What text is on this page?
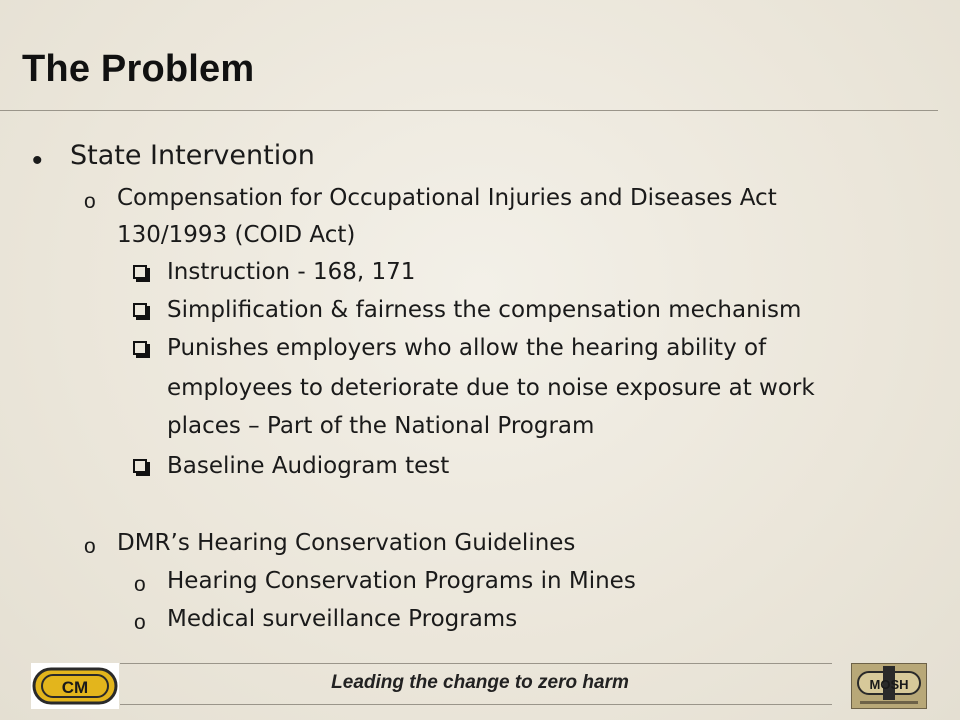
The Problem
• State Intervention
o Compensation for Occupational Injuries and Diseases Act
130/1993 (COID Act)
Instruction - 168, 171
Simplification & fairness the compensation mechanism
Punishes employers who allow the hearing ability of
employees to deteriorate due to noise exposure at work
places – Part of the National Program
Baseline Audiogram test
o DMR’s Hearing Conservation Guidelines
o Hearing Conservation Programs in Mines
o Medical surveillance Programs
Leading the change to zero harm
CM	MOSH
